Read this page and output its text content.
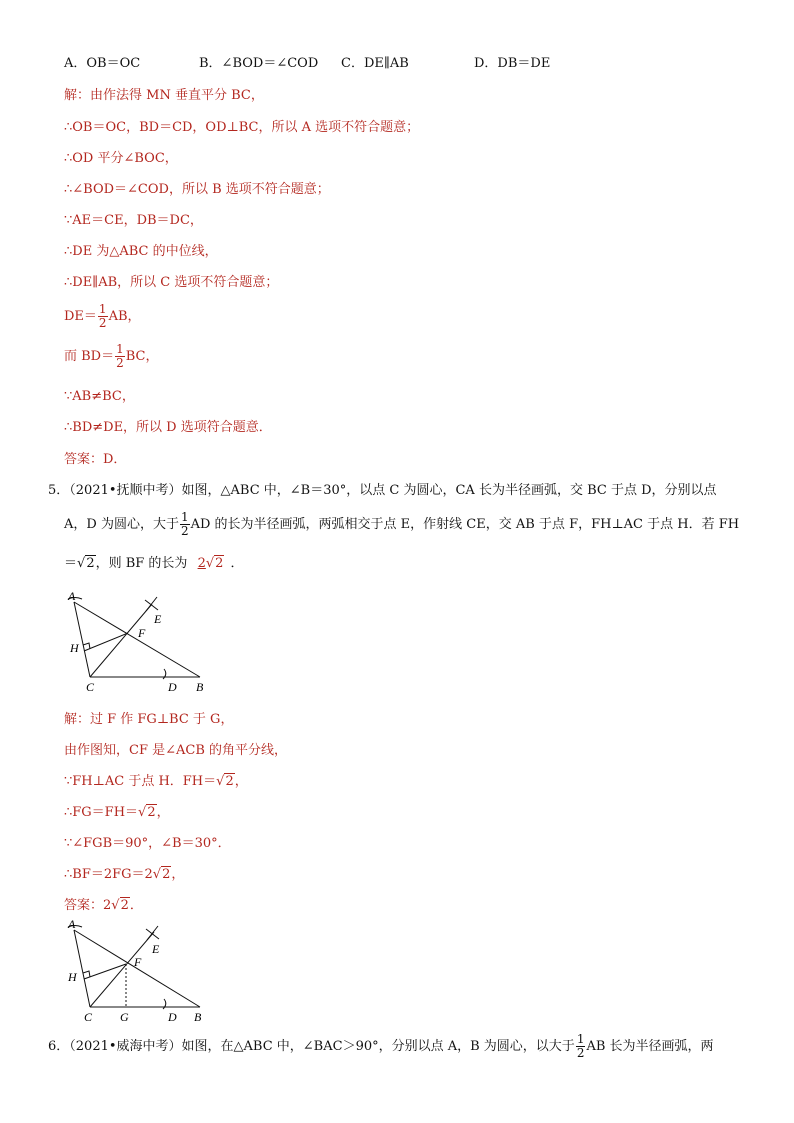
A．OB＝OC	B．∠BOD＝∠COD C．DE∥AB	D．DB＝DE
解：由作法得 MN 垂直平分 BC，
∴OB＝OC，BD＝CD，OD⊥BC，所以 A 选项不符合题意；
∴OD 平分∠BOC，
∴∠BOD＝∠COD，所以 B 选项不符合题意；
∵AE＝CE，DB＝DC，
∴DE 为△ABC 的中位线，
∴DE∥AB，所以 C 选项不符合题意；
$DE= \frac{1}{2}$ AB，
而 $BD= \frac{1}{2}$ BC，
∵AB≠BC，
∴BD≠DE，所以 D 选项符合题意．
答案：D．
5．（2021•抚顺中考）如图，△ABC 中，∠B＝30°，以点 C 为圆心，CA 长为半径画弧，交 BC 于点 D，分别以点
A，D 为圆心，大于 $\frac{1}{2}$ AD 的长为半径画弧，两弧相交于点 E，作射线 CE，交 AB 于点 F，FH⊥AC 于点 H．若 FH
＝√2，则 BF 的长为 2√2 ．
A
E
F
H
C	D B
解：过 F 作 FG⊥BC 于 G，
由作图知，CF 是∠ACB 的角平分线，
∵FH⊥AC 于点 H．FH＝√2，
∴FG＝FH＝√2，
∵∠FGB＝90°，∠B＝30°．
∴BF＝2FG＝2√2，
答案：2√2．
A
E
F
H
C G	D B
6．（2021•威海中考）如图，在△ABC 中，∠BAC＞90°，分别以点 A，B 为圆心，以大于 $\frac{1}{2}$ AB 长为半径画弧，两
